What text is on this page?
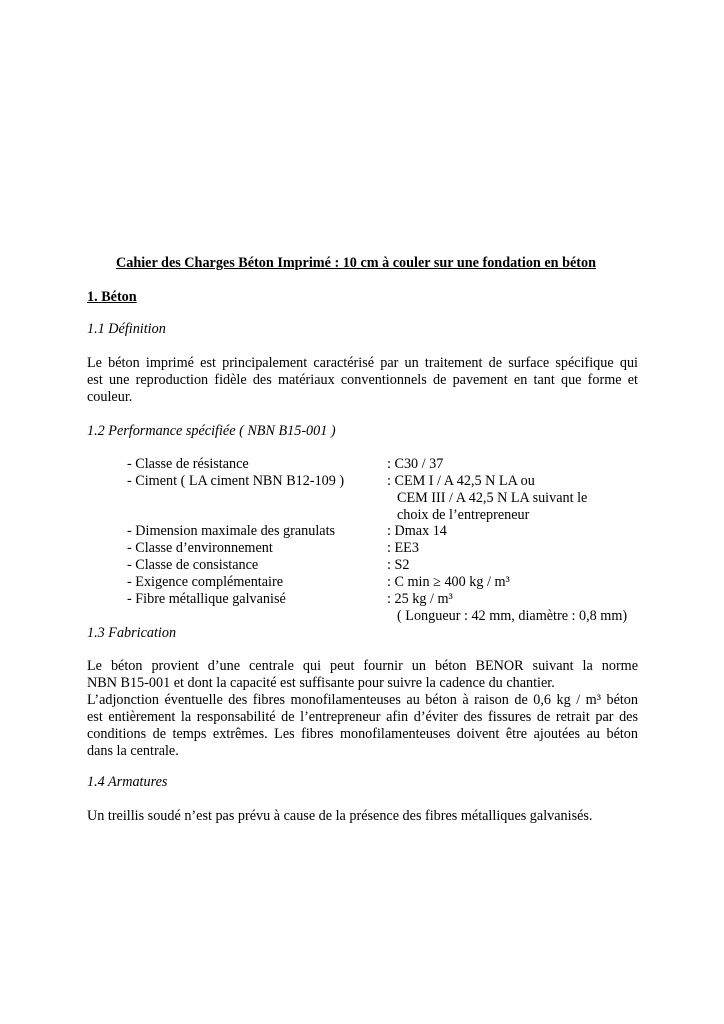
Cahier des Charges Béton Imprimé : 10 cm à couler sur une fondation en béton
1. Béton
1.1 Définition
Le béton imprimé est principalement caractérisé par un traitement de surface spécifique qui
est une reproduction fidèle des matériaux conventionnels de pavement en tant que forme et
couleur.
1.2 Performance spécifiée ( NBN B15-001 )
- Classe de résistance	: C30 / 37
- Ciment ( LA ciment NBN B12-109 )	: CEM I / A 42,5 N LA ou
CEM III / A 42,5 N LA suivant le
choix de l’entrepreneur
- Dimension maximale des granulats	: Dmax 14
- Classe d’environnement	: EE3
- Classe de consistance	: S2
- Exigence complémentaire	: C min ≥ 400 kg / m³
- Fibre métallique galvanisé	: 25 kg / m³
( Longueur : 42 mm, diamètre : 0,8 mm)
1.3 Fabrication
Le béton provient d’une centrale qui peut fournir un béton BENOR suivant la norme
NBN B15-001 et dont la capacité est suffisante pour suivre la cadence du chantier.
L’adjonction éventuelle des fibres monofilamenteuses au béton à raison de 0,6 kg / m³ béton
est entièrement la responsabilité de l’entrepreneur afin d’éviter des fissures de retrait par des
conditions de temps extrêmes. Les fibres monofilamenteuses doivent être ajoutées au béton
dans la centrale.
1.4 Armatures
Un treillis soudé n’est pas prévu à cause de la présence des fibres métalliques galvanisés.
